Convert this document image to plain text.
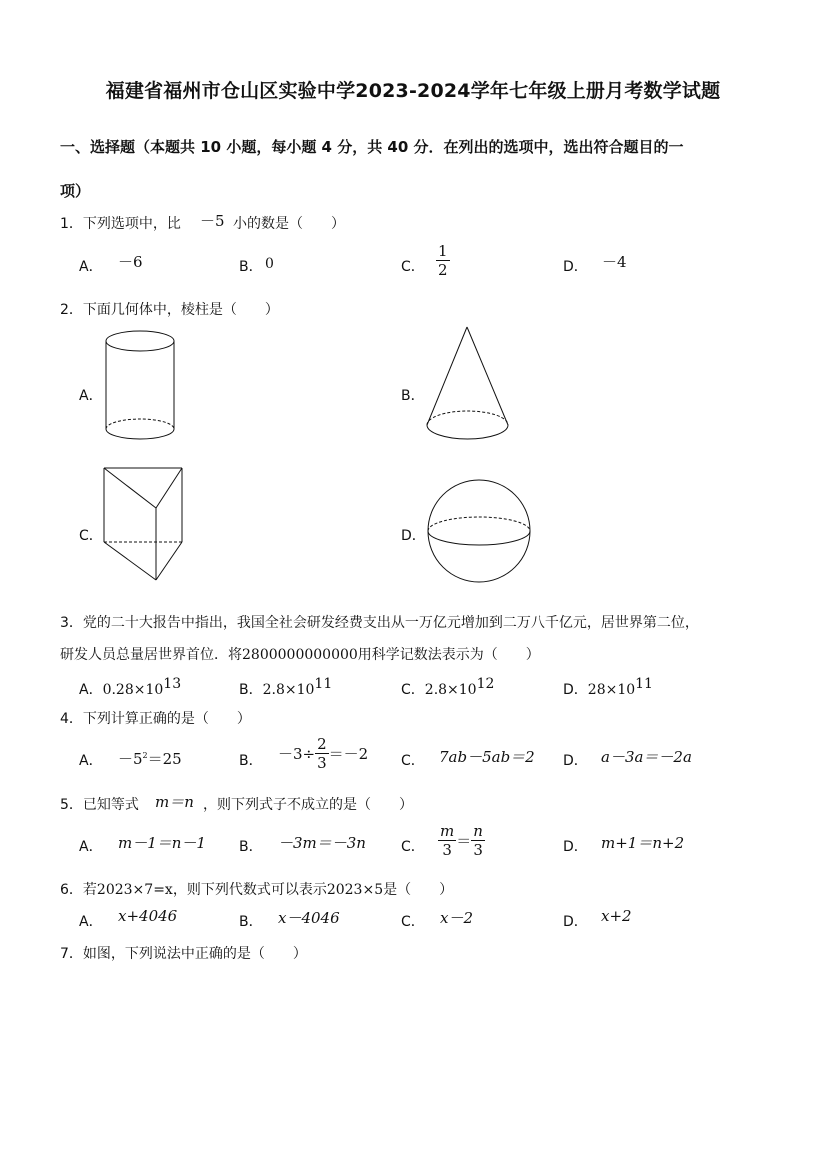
福建省福州市仓山区实验中学2023-2024学年七年级上册月考数学试题
一、选择题（本题共 10 小题，每小题 4 分，共 40 分．在列出的选项中，选出符合题目的一
项）
1．下列选项中，比 －5 小的数是（　　）
A． －6	B． 0	C． $\frac{1}{2}$	D． －4
2．下面几何体中，棱柱是（　　）
A．	B．
C．	D．
3．党的二十大报告中指出，我国全社会研发经费支出从一万亿元增加到二万八千亿元，居世界第二位，
研发人员总量居世界首位．将2800000000000用科学记数法表示为（　　）
A．$0.28\times 10^{13}$	B．$2.8\times 10^{11}$	C．$2.8\times 10^{12}$	D．$28\times 10^{11}$
4．下列计算正确的是（　　）
A． $-5^2=25$	B． $-3\div \frac{2}{3} =-2$ C． 7ab－5ab＝2 D． a－3a＝－2a
5．已知等式 m＝n ，则下列式子不成立的是（　　）
A． m－1＝n－1 B． －3m＝－3n	C． $\frac{m}{3} = \frac{n}{3}$	D． m+1＝n+2
6．若2023×7=x，则下列代数式可以表示2023×5是（　　）
A． x+4046	B． x－4046	C． x－2	D． x+2
7．如图，下列说法中正确的是（　　）
